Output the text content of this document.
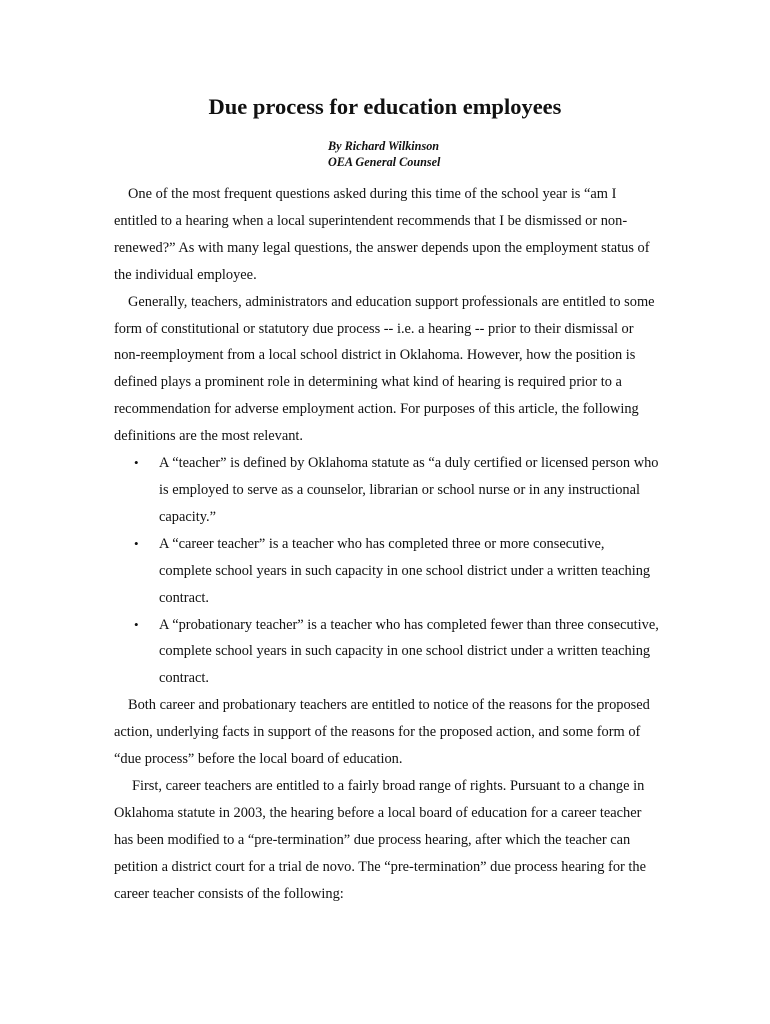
Due process for education employees
By Richard Wilkinson
OEA General Counsel

One of the most frequent questions asked during this time of the school year is “am I entitled to a hearing when a local superintendent recommends that I be dismissed or non-renewed?” As with many legal questions, the answer depends upon the employment status of the individual employee.

Generally, teachers, administrators and education support professionals are entitled to some form of constitutional or statutory due process -- i.e. a hearing -- prior to their dismissal or non-reemployment from a local school district in Oklahoma. However, how the position is defined plays a prominent role in determining what kind of hearing is required prior to a recommendation for adverse employment action. For purposes of this article, the following definitions are the most relevant.

• A “teacher” is defined by Oklahoma statute as “a duly certified or licensed person who is employed to serve as a counselor, librarian or school nurse or in any instructional capacity.”
• A “career teacher” is a teacher who has completed three or more consecutive, complete school years in such capacity in one school district under a written teaching contract.
• A “probationary teacher” is a teacher who has completed fewer than three consecutive, complete school years in such capacity in one school district under a written teaching contract.

Both career and probationary teachers are entitled to notice of the reasons for the proposed action, underlying facts in support of the reasons for the proposed action, and some form of “due process” before the local board of education.

First, career teachers are entitled to a fairly broad range of rights. Pursuant to a change in Oklahoma statute in 2003, the hearing before a local board of education for a career teacher has been modified to a “pre-termination” due process hearing, after which the teacher can petition a district court for a trial de novo. The “pre-termination” due process hearing for the career teacher consists of the following:
